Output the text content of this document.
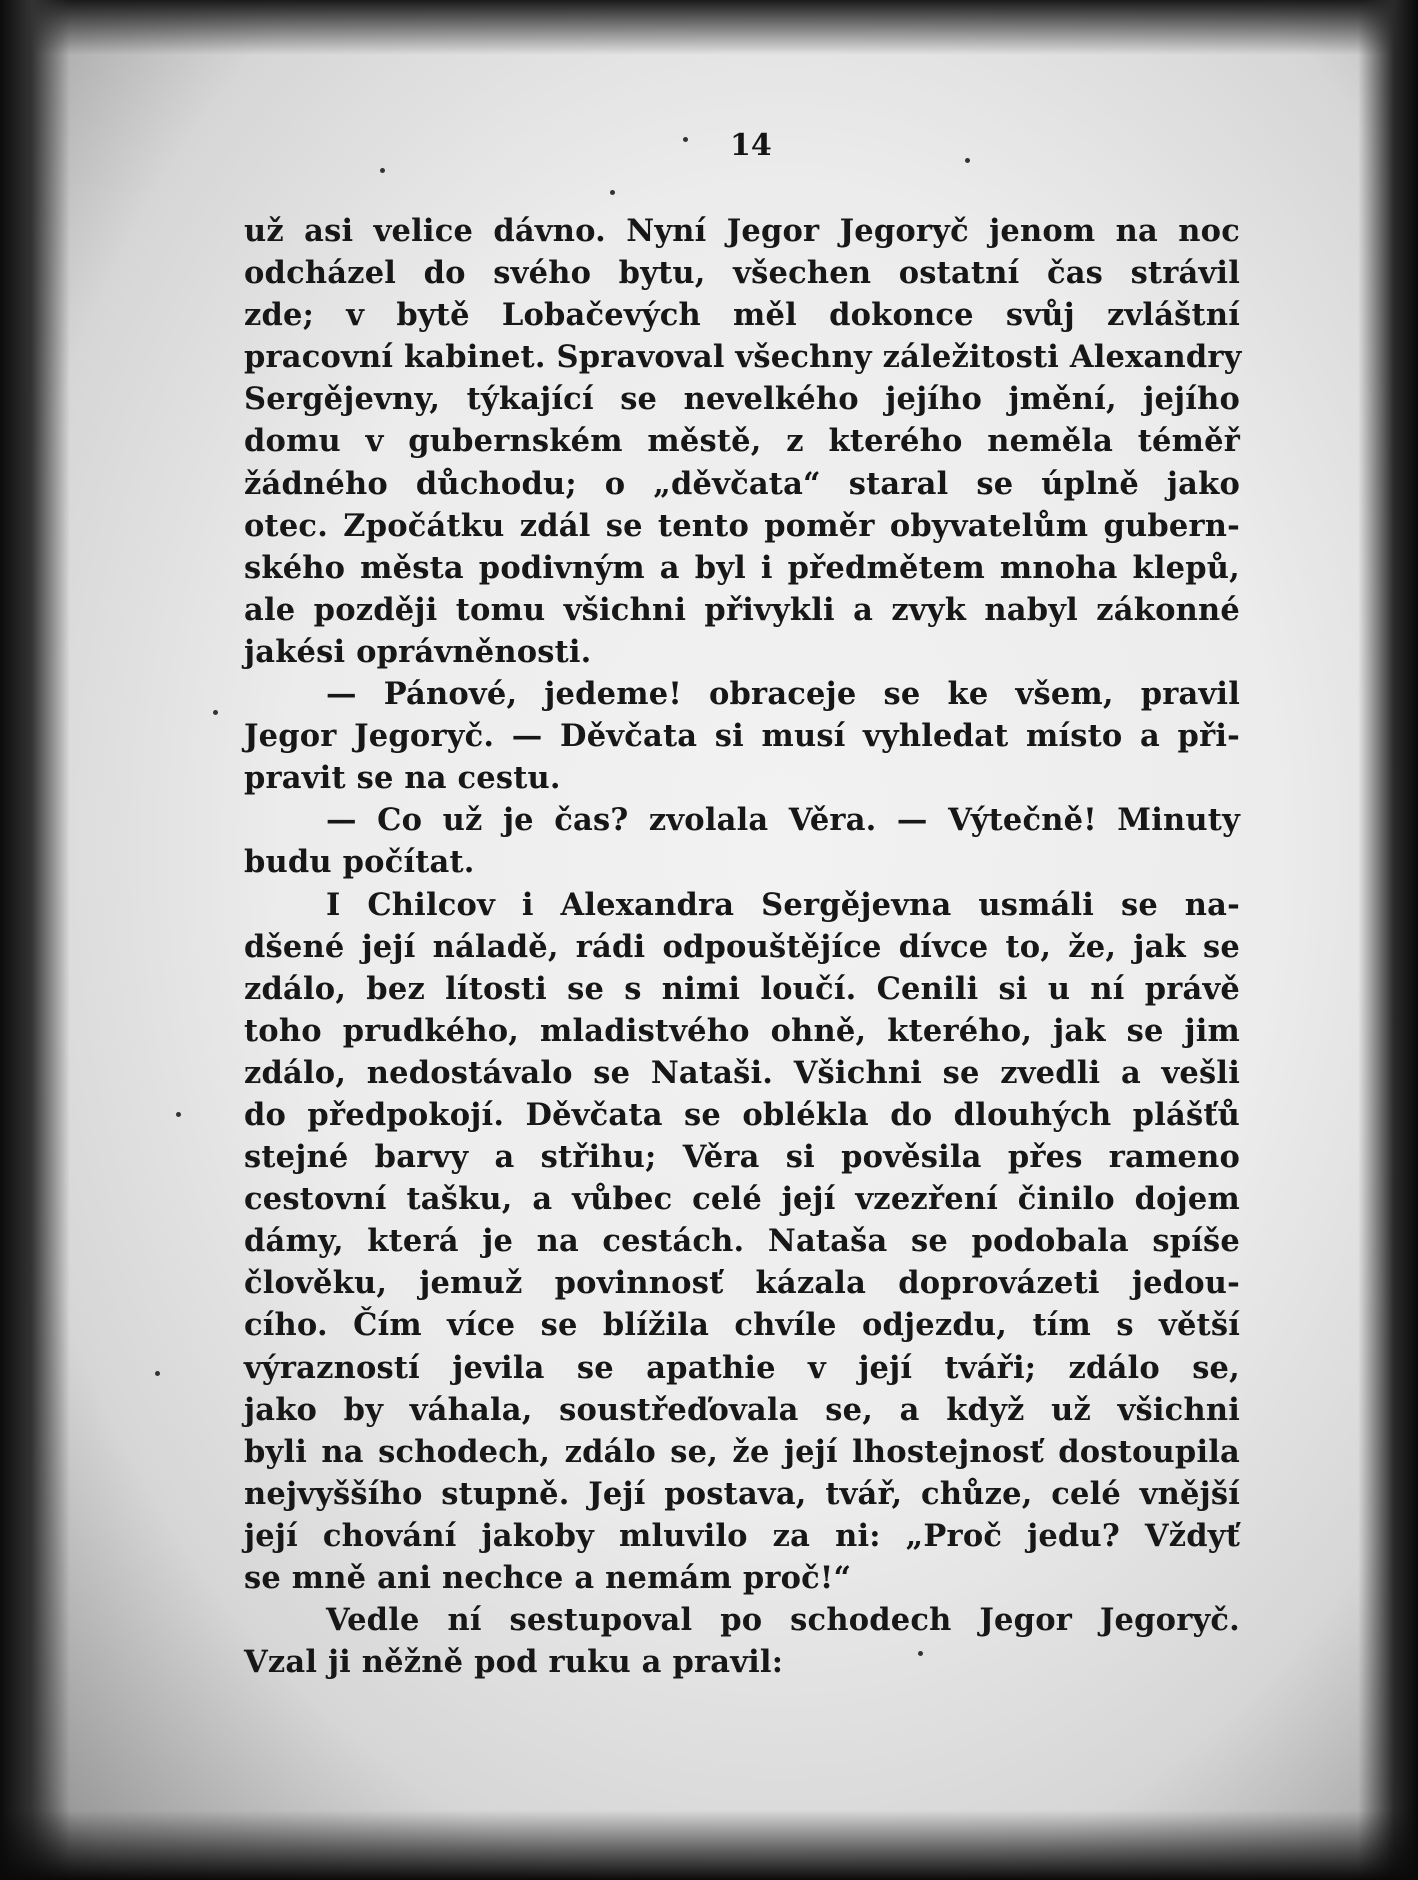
14
už asi velice dávno. Nyní Jegor Jegoryč jenom na noc
odcházel do svého bytu, všechen ostatní čas strávil
zde; v bytě Lobačevých měl dokonce svůj zvláštní
pracovní kabinet. Spravoval všechny záležitosti Alexandry
Sergějevny, týkající se nevelkého jejího jmění, jejího
domu v gubernském městě, z kterého neměla téměř
žádného důchodu; o „děvčata“ staral se úplně jako
otec. Zpočátku zdál se tento poměr obyvatelům gubern-
ského města podivným a byl i předmětem mnoha klepů,
ale později tomu všichni přivykli a zvyk nabyl zákonné
jakési oprávněnosti.
— Pánové, jedeme! obraceje se ke všem, pravil
Jegor Jegoryč. — Děvčata si musí vyhledat místo a při-
pravit se na cestu.
— Co už je čas? zvolala Věra. — Výtečně! Minuty
budu počítat.
I Chilcov i Alexandra Sergějevna usmáli se na-
dšené její náladě, rádi odpouštějíce dívce to, že, jak se
zdálo, bez lítosti se s nimi loučí. Cenili si u ní právě
toho prudkého, mladistvého ohně, kterého, jak se jim
zdálo, nedostávalo se Nataši. Všichni se zvedli a vešli
do předpokojí. Děvčata se oblékla do dlouhých plášťů
stejné barvy a střihu; Věra si pověsila přes rameno
cestovní tašku, a vůbec celé její vzezření činilo dojem
dámy, která je na cestách. Nataša se podobala spíše
člověku, jemuž povinnosť kázala doprovázeti jedou-
cího. Čím více se blížila chvíle odjezdu, tím s větší
výrazností jevila se apathie v její tváři; zdálo se,
jako by váhala, soustřeďovala se, a když už všichni
byli na schodech, zdálo se, že její lhostejnosť dostoupila
nejvyššího stupně. Její postava, tvář, chůze, celé vnější
její chování jakoby mluvilo za ni: „Proč jedu? Vždyť
se mně ani nechce a nemám proč!“
Vedle ní sestupoval po schodech Jegor Jegoryč.
Vzal ji něžně pod ruku a pravil:
